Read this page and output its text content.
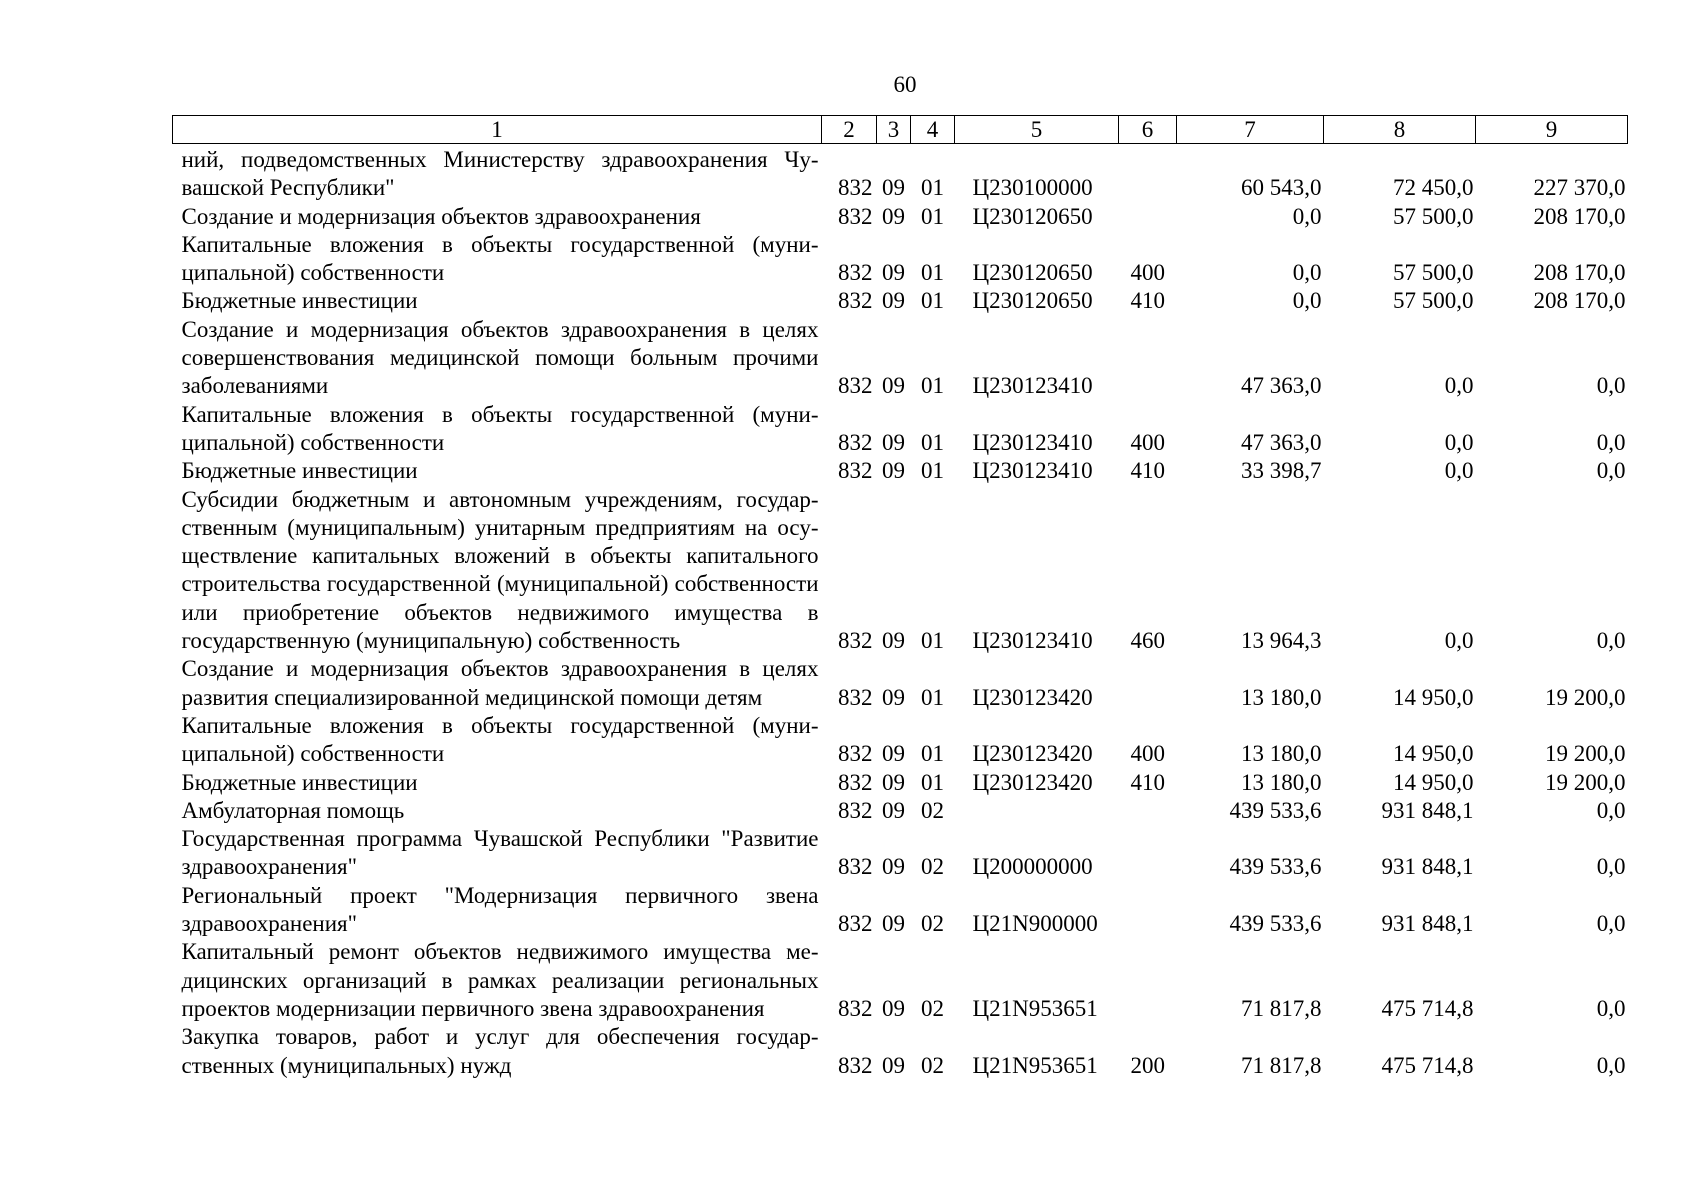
60
1	2	3	4	5	6	7	8	9
ний, подведомственных Министерству здравоохранения Чувашской Республики"	832	09	01	Ц230100000		60 543,0	72 450,0	227 370,0
Создание и модернизация объектов здравоохранения	832	09	01	Ц230120650		0,0	57 500,0	208 170,0
Капитальные вложения в объекты государственной (муниципальной) собственности	832	09	01	Ц230120650	400	0,0	57 500,0	208 170,0
Бюджетные инвестиции	832	09	01	Ц230120650	410	0,0	57 500,0	208 170,0
Создание и модернизация объектов здравоохранения в целях совершенствования медицинской помощи больным прочими заболеваниями	832	09	01	Ц230123410		47 363,0	0,0	0,0
Капитальные вложения в объекты государственной (муниципальной) собственности	832	09	01	Ц230123410	400	47 363,0	0,0	0,0
Бюджетные инвестиции	832	09	01	Ц230123410	410	33 398,7	0,0	0,0
Субсидии бюджетным и автономным учреждениям, государственным (муниципальным) унитарным предприятиям на осуществление капитальных вложений в объекты капитального строительства государственной (муниципальной) собственности или приобретение объектов недвижимого имущества в государственную (муниципальную) собственность	832	09	01	Ц230123410	460	13 964,3	0,0	0,0
Создание и модернизация объектов здравоохранения в целях развития специализированной медицинской помощи детям	832	09	01	Ц230123420		13 180,0	14 950,0	19 200,0
Капитальные вложения в объекты государственной (муниципальной) собственности	832	09	01	Ц230123420	400	13 180,0	14 950,0	19 200,0
Бюджетные инвестиции	832	09	01	Ц230123420	410	13 180,0	14 950,0	19 200,0
Амбулаторная помощь	832	09	02			439 533,6	931 848,1	0,0
Государственная программа Чувашской Республики "Развитие здравоохранения"	832	09	02	Ц200000000		439 533,6	931 848,1	0,0
Региональный проект "Модернизация первичного звена здравоохранения"	832	09	02	Ц21N900000		439 533,6	931 848,1	0,0
Капитальный ремонт объектов недвижимого имущества медицинских организаций в рамках реализации региональных проектов модернизации первичного звена здравоохранения	832	09	02	Ц21N953651		71 817,8	475 714,8	0,0
Закупка товаров, работ и услуг для обеспечения государственных (муниципальных) нужд	832	09	02	Ц21N953651	200	71 817,8	475 714,8	0,0
